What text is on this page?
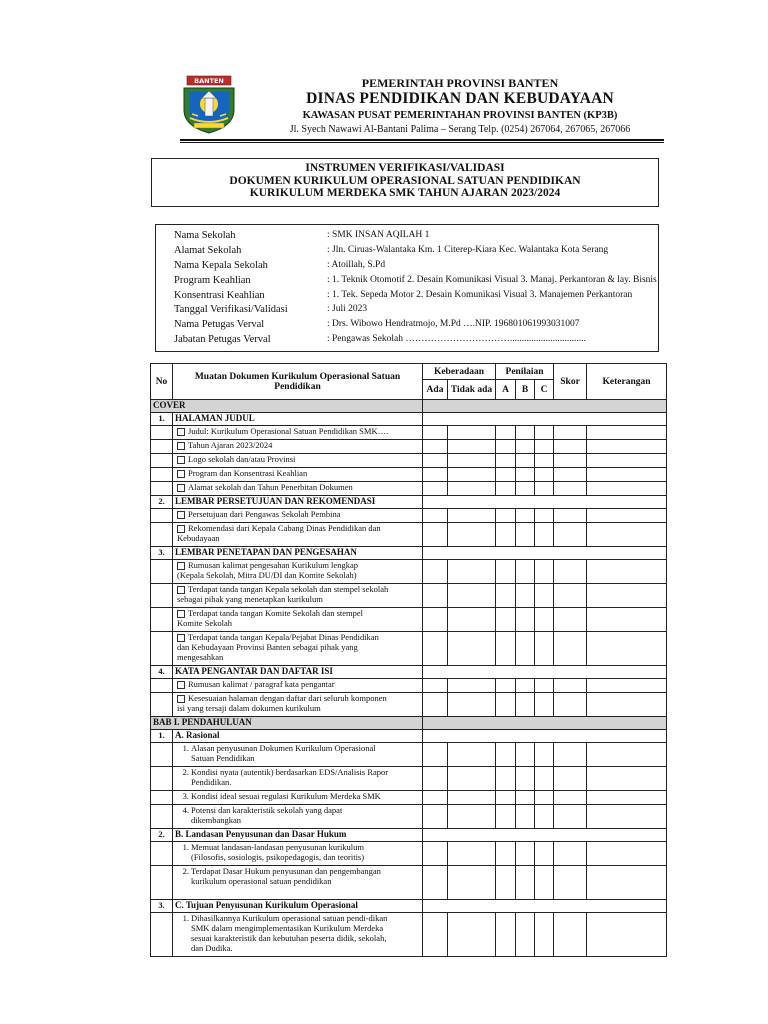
BANTEN	PEMERINTAH PROVINSI BANTEN
DINAS PENDIDIKAN DAN KEBUDAYAAN
KAWASAN PUSAT PEMERINTAHAN PROVINSI BANTEN (KP3B)
Jl. Syech Nawawi Al-Bantani Palima – Serang Telp. (0254) 267064, 267065, 267066
INSTRUMEN VERIFIKASI/VALIDASI
DOKUMEN KURIKULUM OPERASIONAL SATUAN PENDIDIKAN
KURIKULUM MERDEKA SMK TAHUN AJARAN 2023/2024
Nama Sekolah	: SMK INSAN AQILAH 1
Alamat Sekolah	: Jln. Ciruas-Walantaka Km. 1 Citerep-Kiara Kec. Walantaka Kota Serang
Nama Kepala Sekolah	: Atoillah, S.Pd
Program Keahlian	: 1. Teknik Otomotif 2. Desain Komunikasi Visual 3. Manaj. Perkantoran & lay. Bisnis
Konsentrasi Keahlian	: 1. Tek. Sepeda Motor 2. Desain Komunikasi Visual 3. Manajemen Perkantoran
Tanggal Verifikasi/Validasi	: Juli 2023
Nama Petugas Verval	: Drs. Wibowo Hendratmojo, M.Pd ….NIP. 196801061993031007
Jabatan Petugas Verval	: Pengawas Sekolah ……………………………................................
No	Muatan Dokumen Kurikulum Operasional Satuan Pendidikan	Keberadaan		Penilaian			Skor	Keterangan
		Ada	Tidak ada	A	B	C		
COVER								
1.	HALAMAN JUDUL							
	Judul: Kurikulum Operasional Satuan Pendidikan SMK….							
	Tahun Ajaran 2023/2024							
	Logo sekolah dan/atau Provinsi							
	Program dan Konsentrasi Keahlian							
	Alamat sekolah dan Tahun Penerbitan Dokumen							
2.	LEMBAR PERSETUJUAN DAN REKOMENDASI							
	Persetujuan dari Pengawas Sekolah Pembina							
	Rekomendasi dari Kepala Cabang Dinas Pendidikan dan
Kebudayaan							

3.	LEMBAR PENETAPAN DAN PENGESAHAN							
	Rumusan kalimat pengesahan Kurikulum lengkap
(Kepala Sekolah, Mitra DU/DI dan Komite Sekolah)							

	Terdapat tanda tangan Kepala sekolah dan stempel sekolah
sebagai pihak yang menetapkan kurikulum							

	Terdapat tanda tangan Komite Sekolah dan stempel
Komite Sekolah							

	Terdapat tanda tangan Kepala/Pejabat Dinas Pendidikan
dan Kebudayaan Provinsi Banten sebagai pihak yang
mengesahkan							

4.	KATA PENGANTAR DAN DAFTAR ISI							
	Rumusan kalimat / paragraf kata pengantar							
	Kesesuaian halaman dengan daftar dari seluruh komponen
isi yang tersaji dalam dokumen kurikulum							

BAB I. PENDAHULUAN								
1.	A. Rasional							
	1. Alasan penyusunan Dokumen Kurikulum Operasional
Satuan Pendidikan							

	2. Kondisi nyata (autentik) berdasarkan EDS/Analisis Rapor
Pendidikan.							

	3. Kondisi ideal sesuai regulasi Kurikulum Merdeka SMK							

	4. Potensi dan karakteristik sekolah yang dapat
dikembangkan							

2.	B. Landasan Penyusunan dan Dasar Hukum							
	1. Memuat landasan-landasan penyusunan kurikulum
(Filosofis, sosiologis, psikopedagogis, dan teoritis)							

	2. Terdapat Dasar Hukum penyusunan dan pengembangan
kurikulum operasional satuan pendidikan							

3.	C. Tujuan Penyusunan Kurikulum Operasional							
	1. Dihasilkannya Kurikulum operasional satuan pendi-dikan
SMK dalam mengimplementasikan Kurikulum Merdeka
sesuai karakteristik dan kebutuhan peserta didik, sekolah,
dan Dudika.							
